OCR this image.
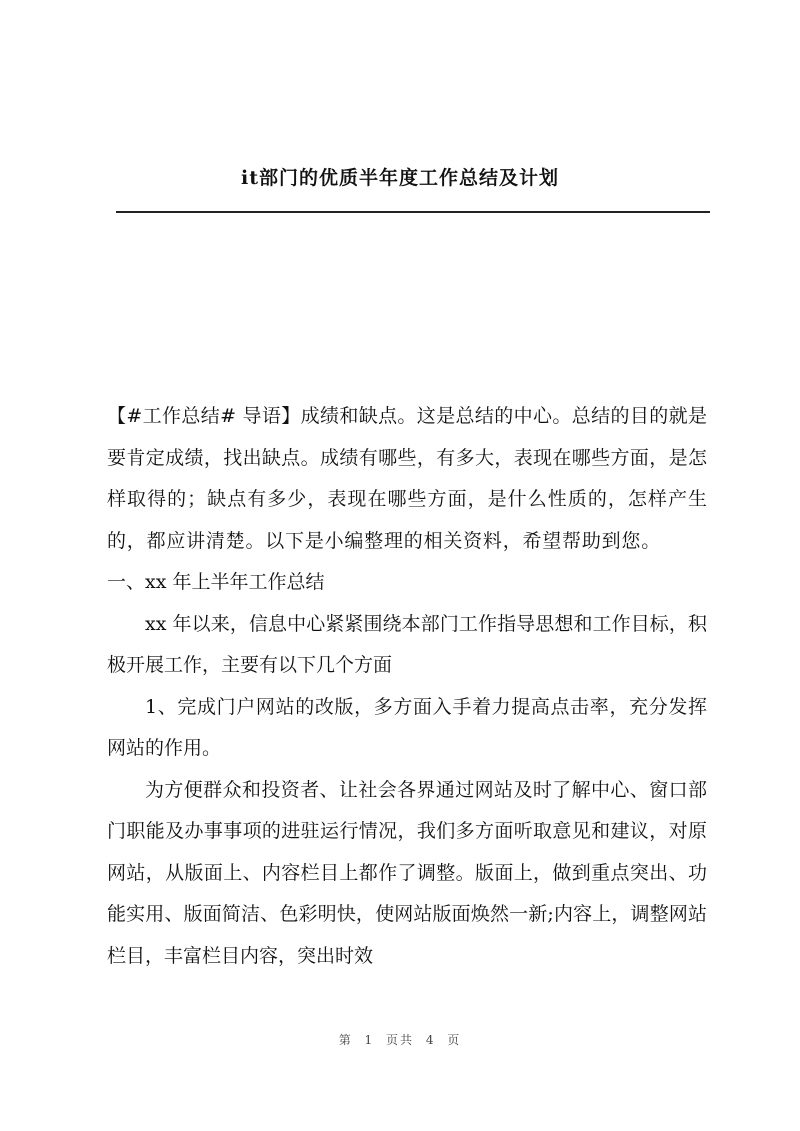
it部门的优质半年度工作总结及计划

【#工作总结# 导语】成绩和缺点。这是总结的中心。总结的目的就是要肯定成绩，找出缺点。成绩有哪些，有多大，表现在哪些方面，是怎样取得的；缺点有多少，表现在哪些方面，是什么性质的，怎样产生的，都应讲清楚。以下是小编整理的相关资料，希望帮助到您。一、xx 年上半年工作总结

xx 年以来，信息中心紧紧围绕本部门工作指导思想和工作目标，积极开展工作，主要有以下几个方面

1、完成门户网站的改版，多方面入手着力提高点击率，充分发挥网站的作用。

为方便群众和投资者、让社会各界通过网站及时了解中心、窗口部门职能及办事事项的进驻运行情况，我们多方面听取意见和建议，对原网站，从版面上、内容栏目上都作了调整。版面上，做到重点突出、功能实用、版面简洁、色彩明快，使网站版面焕然一新;内容上，调整网站栏目，丰富栏目内容，突出时效

第 1 页共 4 页
